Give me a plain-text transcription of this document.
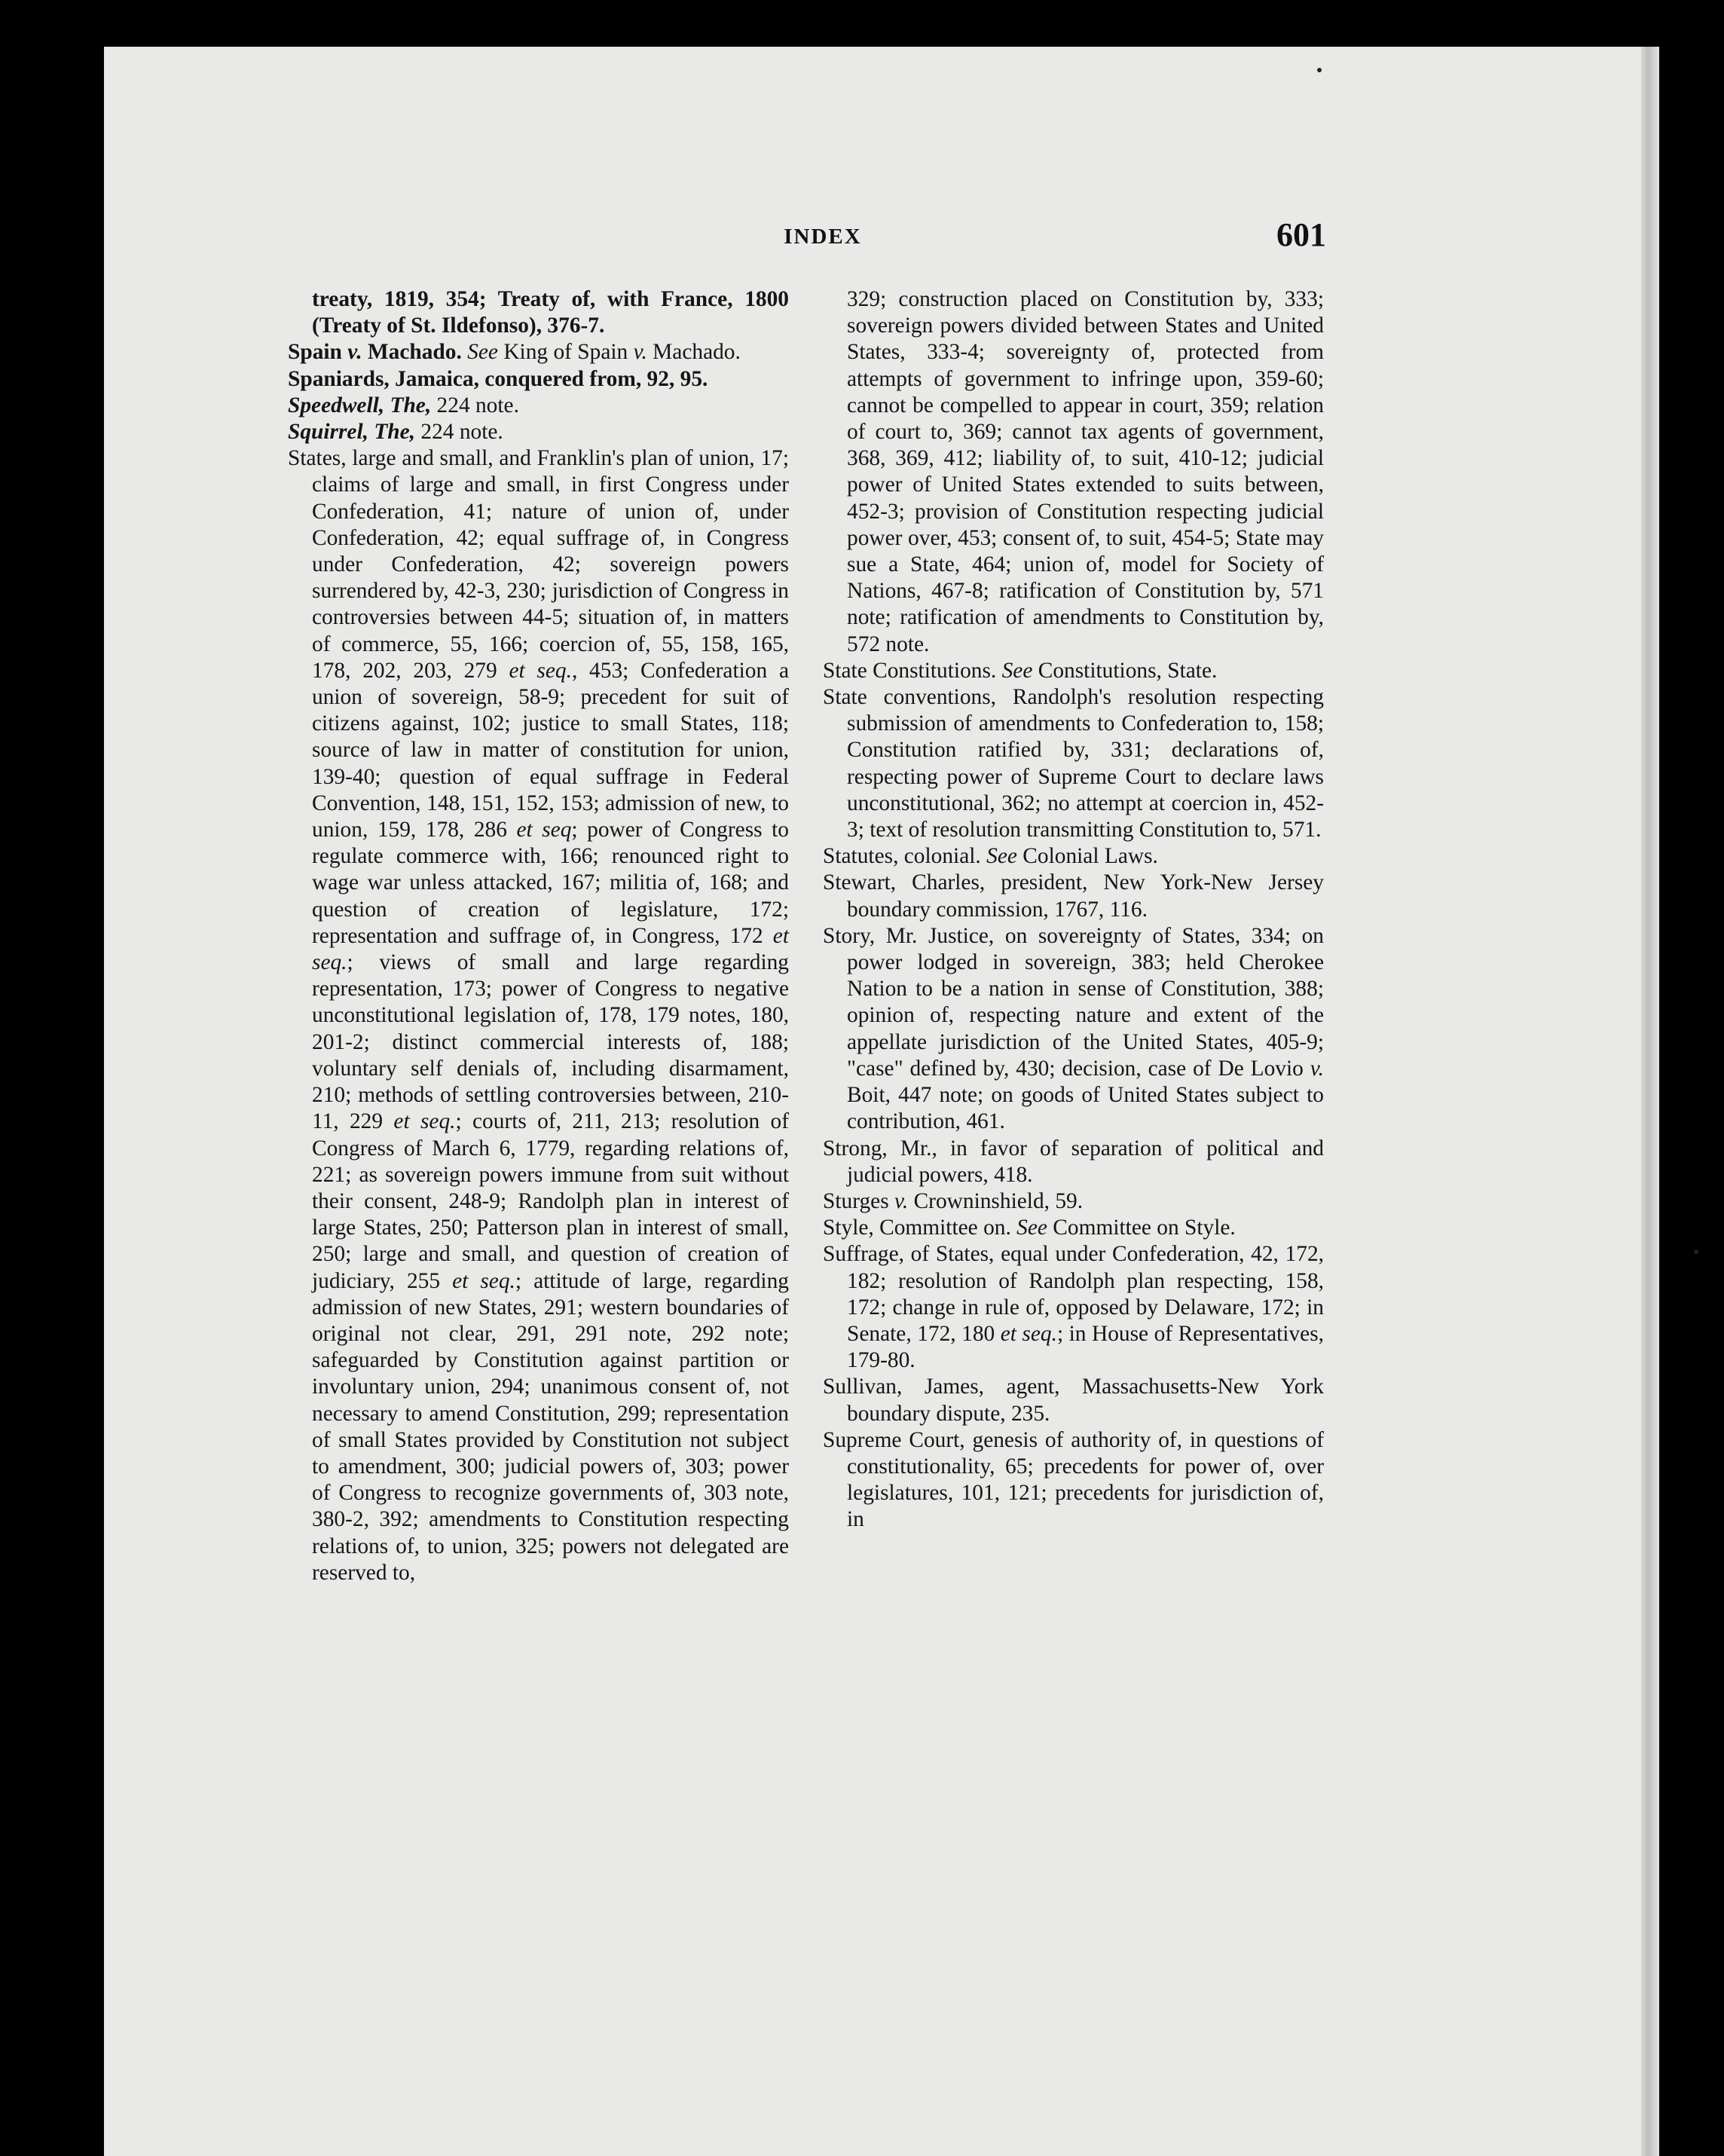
INDEX	601

treaty, 1819, 354; Treaty of, with France, 1800 (Treaty of St. Ildefonso), 376-7.

Spain v. Machado. See King of Spain v. Machado.

Spaniards, Jamaica, conquered from, 92, 95.

Speedwell, The, 224 note.

Squirrel, The, 224 note.

States, large and small, and Franklin's plan of union, 17; claims of large and small, in first Congress under Confederation, 41; nature of union of, under Confederation, 42; equal suffrage of, in Congress under Confederation, 42; sovereign powers surrendered by, 42-3, 230; jurisdiction of Congress in controversies between 44-5; situation of, in matters of commerce, 55, 166; coercion of, 55, 158, 165, 178, 202, 203, 279 et seq., 453; Confederation a union of sovereign, 58-9; precedent for suit of citizens against, 102; justice to small States, 118; source of law in matter of constitution for union, 139-40; question of equal suffrage in Federal Convention, 148, 151, 152, 153; admission of new, to union, 159, 178, 286 et seq; power of Congress to regulate commerce with, 166; renounced right to wage war unless attacked, 167; militia of, 168; and question of creation of legislature, 172; representation and suffrage of, in Congress, 172 et seq.; views of small and large regarding representation, 173; power of Congress to negative unconstitutional legislation of, 178, 179 notes, 180, 201-2; distinct commercial interests of, 188; voluntary self denials of, including disarmament, 210; methods of settling controversies between, 210-11, 229 et seq.; courts of, 211, 213; resolution of Congress of March 6, 1779, regarding relations of, 221; as sovereign powers immune from suit without their consent, 248-9; Randolph plan in interest of large States, 250; Patterson plan in interest of small, 250; large and small, and question of creation of judiciary, 255 et seq.; attitude of large, regarding admission of new States, 291; western boundaries of original not clear, 291, 291 note, 292 note; safeguarded by Constitution against partition or involuntary union, 294; unanimous consent of, not necessary to amend Constitution, 299; representation of small States provided by Constitution not subject to amendment, 300; judicial powers of, 303; power of Congress to recognize governments of, 303 note, 380-2, 392; amendments to Constitution respecting relations of, to union, 325; powers not delegated are reserved to,

329; construction placed on Constitution by, 333; sovereign powers divided between States and United States, 333-4; sovereignty of, protected from attempts of government to infringe upon, 359-60; cannot be compelled to appear in court, 359; relation of court to, 369; cannot tax agents of government, 368, 369, 412; liability of, to suit, 410-12; judicial power of United States extended to suits between, 452-3; provision of Constitution respecting judicial power over, 453; consent of, to suit, 454-5; State may sue a State, 464; union of, model for Society of Nations, 467-8; ratification of Constitution by, 571 note; ratification of amendments to Constitution by, 572 note.

State Constitutions. See Constitutions, State.

State conventions, Randolph's resolution respecting submission of amendments to Confederation to, 158; Constitution ratified by, 331; declarations of, respecting power of Supreme Court to declare laws unconstitutional, 362; no attempt at coercion in, 452-3; text of resolution transmitting Constitution to, 571.

Statutes, colonial. See Colonial Laws.

Stewart, Charles, president, New York-New Jersey boundary commission, 1767, 116.

Story, Mr. Justice, on sovereignty of States, 334; on power lodged in sovereign, 383; held Cherokee Nation to be a nation in sense of Constitution, 388; opinion of, respecting nature and extent of the appellate jurisdiction of the United States, 405-9; "case" defined by, 430; decision, case of De Lovio v. Boit, 447 note; on goods of United States subject to contribution, 461.

Strong, Mr., in favor of separation of political and judicial powers, 418.

Sturges v. Crowninshield, 59.

Style, Committee on. See Committee on Style.

Suffrage, of States, equal under Confederation, 42, 172, 182; resolution of Randolph plan respecting, 158, 172; change in rule of, opposed by Delaware, 172; in Senate, 172, 180 et seq.; in House of Representatives, 179-80.

Sullivan, James, agent, Massachusetts-New York boundary dispute, 235.

Supreme Court, genesis of authority of, in questions of constitutionality, 65; precedents for power of, over legislatures, 101, 121; precedents for jurisdiction of, in
